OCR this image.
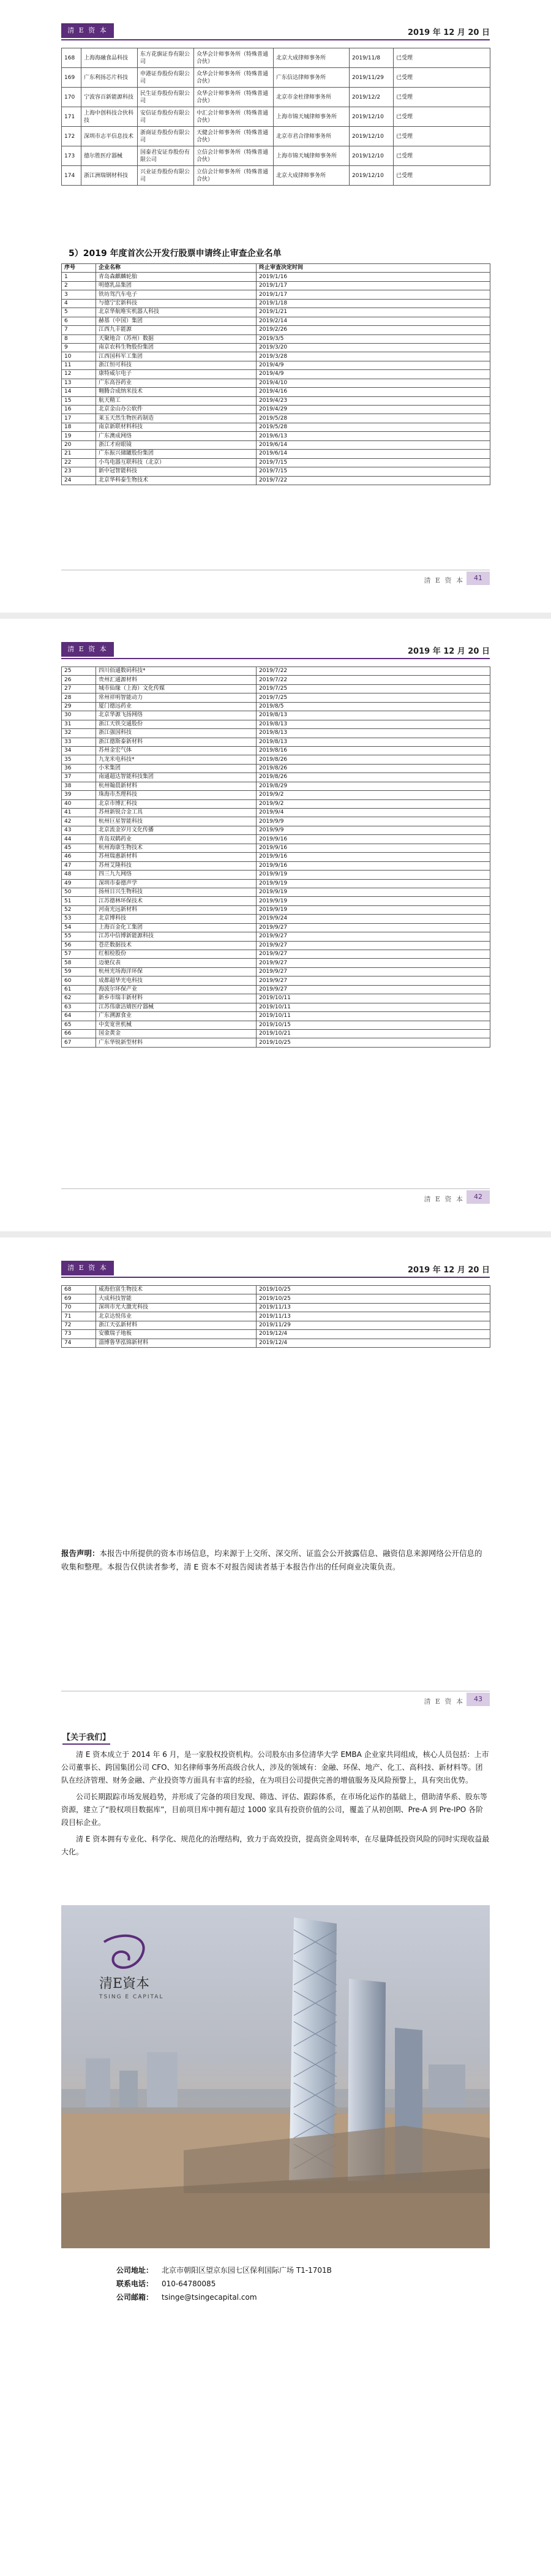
清 E 资 本	2019 年 12 月 20 日
168	上海海融食品科技	东方花旗证券有限公司	众华会计师事务所（特殊普通合伙）	北京大成律师事务所	2019/11/8	已受理
169	广东利扬芯片科技	申港证券股份有限公司	众华会计师事务所（特殊普通合伙）	广东信达律师事务所	2019/11/29	已受理
170	宁波容百新能源科技	民生证券股份有限公司	众华会计师事务所（特殊普通合伙）	北京市金杜律师事务所	2019/12/2	已受理
171	上海中创科技合伙科技	安信证券股份有限公司	中汇会计师事务所（特殊普通合伙）	上海市锦天城律师事务所	2019/12/10	已受理
172	深圳市志平信息技术	浙商证券股份有限公司	天健会计师事务所（特殊普通合伙）	北京市君合律师事务所	2019/12/10	已受理
173	德尔胜医疗器械	国泰君安证券股份有限公司	立信会计师事务所（特殊普通合伙）	上海市锦天城律师事务所	2019/12/10	已受理
174	浙江洲瑞钢材科技	兴业证券股份有限公司	立信会计师事务所（特殊普通合伙）	北京大成律师事务所	2019/12/10	已受理
5）2019 年度首次公开发行股票申请终止审查企业名单
序号	企业名称	终止审查决定时间
1	青岛森麒麟轮胎	2019/1/16
2	明德乳品集团	2019/1/17
3	铁坊驾汽车电子	2019/1/17
4	与德宁宏新科技	2019/1/18
5	北京华航唯实机器人科技	2019/1/21
6	赫基（中国）集团	2019/2/14
7	江西九丰能源	2019/2/26
8	天聚地合（苏州）数据	2019/3/5
9	南京农科生物股份集团	2019/3/20
10	江西国科军工集团	2019/3/28
11	浙江恒可科技	2019/4/9
12	康特威尔电子	2019/4/9
13	广东高谷药业	2019/4/10
14	翱腾合成纳米技术	2019/4/16
15	航天精工	2019/4/23
16	北京金山办公软件	2019/4/29
17	莱玉天然生物医药制造	2019/5/28
18	南京新联材料科技	2019/5/28
19	广东澳成网络	2019/6/13
20	浙江才府眼镜	2019/6/14
21	广东振兴储罐股份集团	2019/6/14
22	小鸟电器互联科技（北京）	2019/7/15
23	新中冠智能科技	2019/7/15
24	北京华科泰生物技术	2019/7/22
清 E 资 本	41
清 E 资 本	2019 年 12 月 20 日
25	四川佰通数码科技*	2019/7/22
26	贵州汇通源材料	2019/7/22
27	城市仙缘（上海）文化传媒	2019/7/25
28	常州祥明智能动力	2019/7/25
29	厦门德远药业	2019/8/5
30	北京华源飞扬网络	2019/8/13
31	浙江天铁交通股份	2019/8/13
32	浙江强国科技	2019/8/13
33	浙江德斯泰新材料	2019/8/13
34	苏州金宏气体	2019/8/16
35	九龙米电科技*	2019/8/26
36	小米集团	2019/8/26
37	南通超达智能科技集团	2019/8/26
38	杭州翰晨新材料	2019/8/29
39	珠海市杰理科技	2019/9/2
40	北京市博汇科技	2019/9/2
41	苏州新锐合金工具	2019/9/4
42	杭州巨星智能科技	2019/9/9
43	北京流金岁月文化传播	2019/9/9
44	青岛双鹤药业	2019/9/16
45	杭州海康生物技术	2019/9/16
46	苏州瑞惠新材料	2019/9/16
47	苏州艾隆科技	2019/9/16
48	四三九九网络	2019/9/19
49	深圳市泰德声学	2019/9/19
50	扬州日兴生物科技	2019/9/19
51	江苏德林环保技术	2019/9/19
52	河南光远新材料	2019/9/19
53	北京博科技	2019/9/24
54	上海百金化工集团	2019/9/27
55	江苏中信博新能源科技	2019/9/27
56	苍茫数据技术	2019/9/27
57	红相检股份	2019/9/27
58	迈驰仪表	2019/9/27
59	杭州光场海洋环保	2019/9/27
60	成都超华光电科技	2019/9/27
61	海波尔环保产业	2019/9/27
62	新乡市瑞丰新材料	2019/10/11
63	江苏伟康洁婧医疗器械	2019/10/11
64	广东溯源食业	2019/10/11
65	中奕宽世机械	2019/10/15
66	国金黄金	2019/10/21
67	广东华锐新型材料	2019/10/25
清 E 资 本	42
清 E 资 本	2019 年 12 月 20 日
68	威海伯富生物技术	2019/10/25
69	大成科技智能	2019/10/25
70	深圳市光大激光科技	2019/11/13
71	北京达悦伟业	2019/11/13
72	浙江天弘新材料	2019/11/29
73	安徽瑞子地板	2019/12/4
74	淄博鲁华泓锦新材料	2019/12/4
报告声明：本报告中所提供的资本市场信息，均来源于上交所、深交所、证监会公开披露信息、融资信息来源网络公开信息的收集和整理。本报告仅供读者参考，清 E 资本不对报告阅读者基于本报告作出的任何商业决策负责。
清 E 资 本	43
【关于我们】

清 E 资本成立于 2014 年 6 月，是一家股权投资机构。公司股东由多位清华大学 EMBA 企业家共同组成，核心人员包括：上市公司董事长、跨国集团公司 CFO、知名律师事务所高级合伙人，涉及的领域有：金融、环保、地产、化工、高科技、新材料等。团队在经济管理、财务金融、产业投资等方面具有丰富的经验，在为项目公司提供完善的增值服务及风险预警上，具有突出优势。

公司长期跟踪市场发展趋势，并形成了完备的项目发现、筛选、评估、跟踪体系，在市场化运作的基础上，借助清华系、股东等资源，建立了“股权项目数据库”，目前项目库中拥有超过 1000 家具有投资价值的公司，覆盖了从初创期、Pre-A 到 Pre-IPO 各阶段目标企业。

清 E 资本拥有专业化、科学化、规范化的治理结构，致力于高效投资，提高资金周转率，在尽量降低投资风险的同时实现收益最大化。

清E資本
TSING E CAPITAL
公司地址： 北京市朝阳区望京东园七区保利国际广场 T1-1701B
联系电话： 010-64780085
公司邮箱： tsinge@tsingecapital.com
